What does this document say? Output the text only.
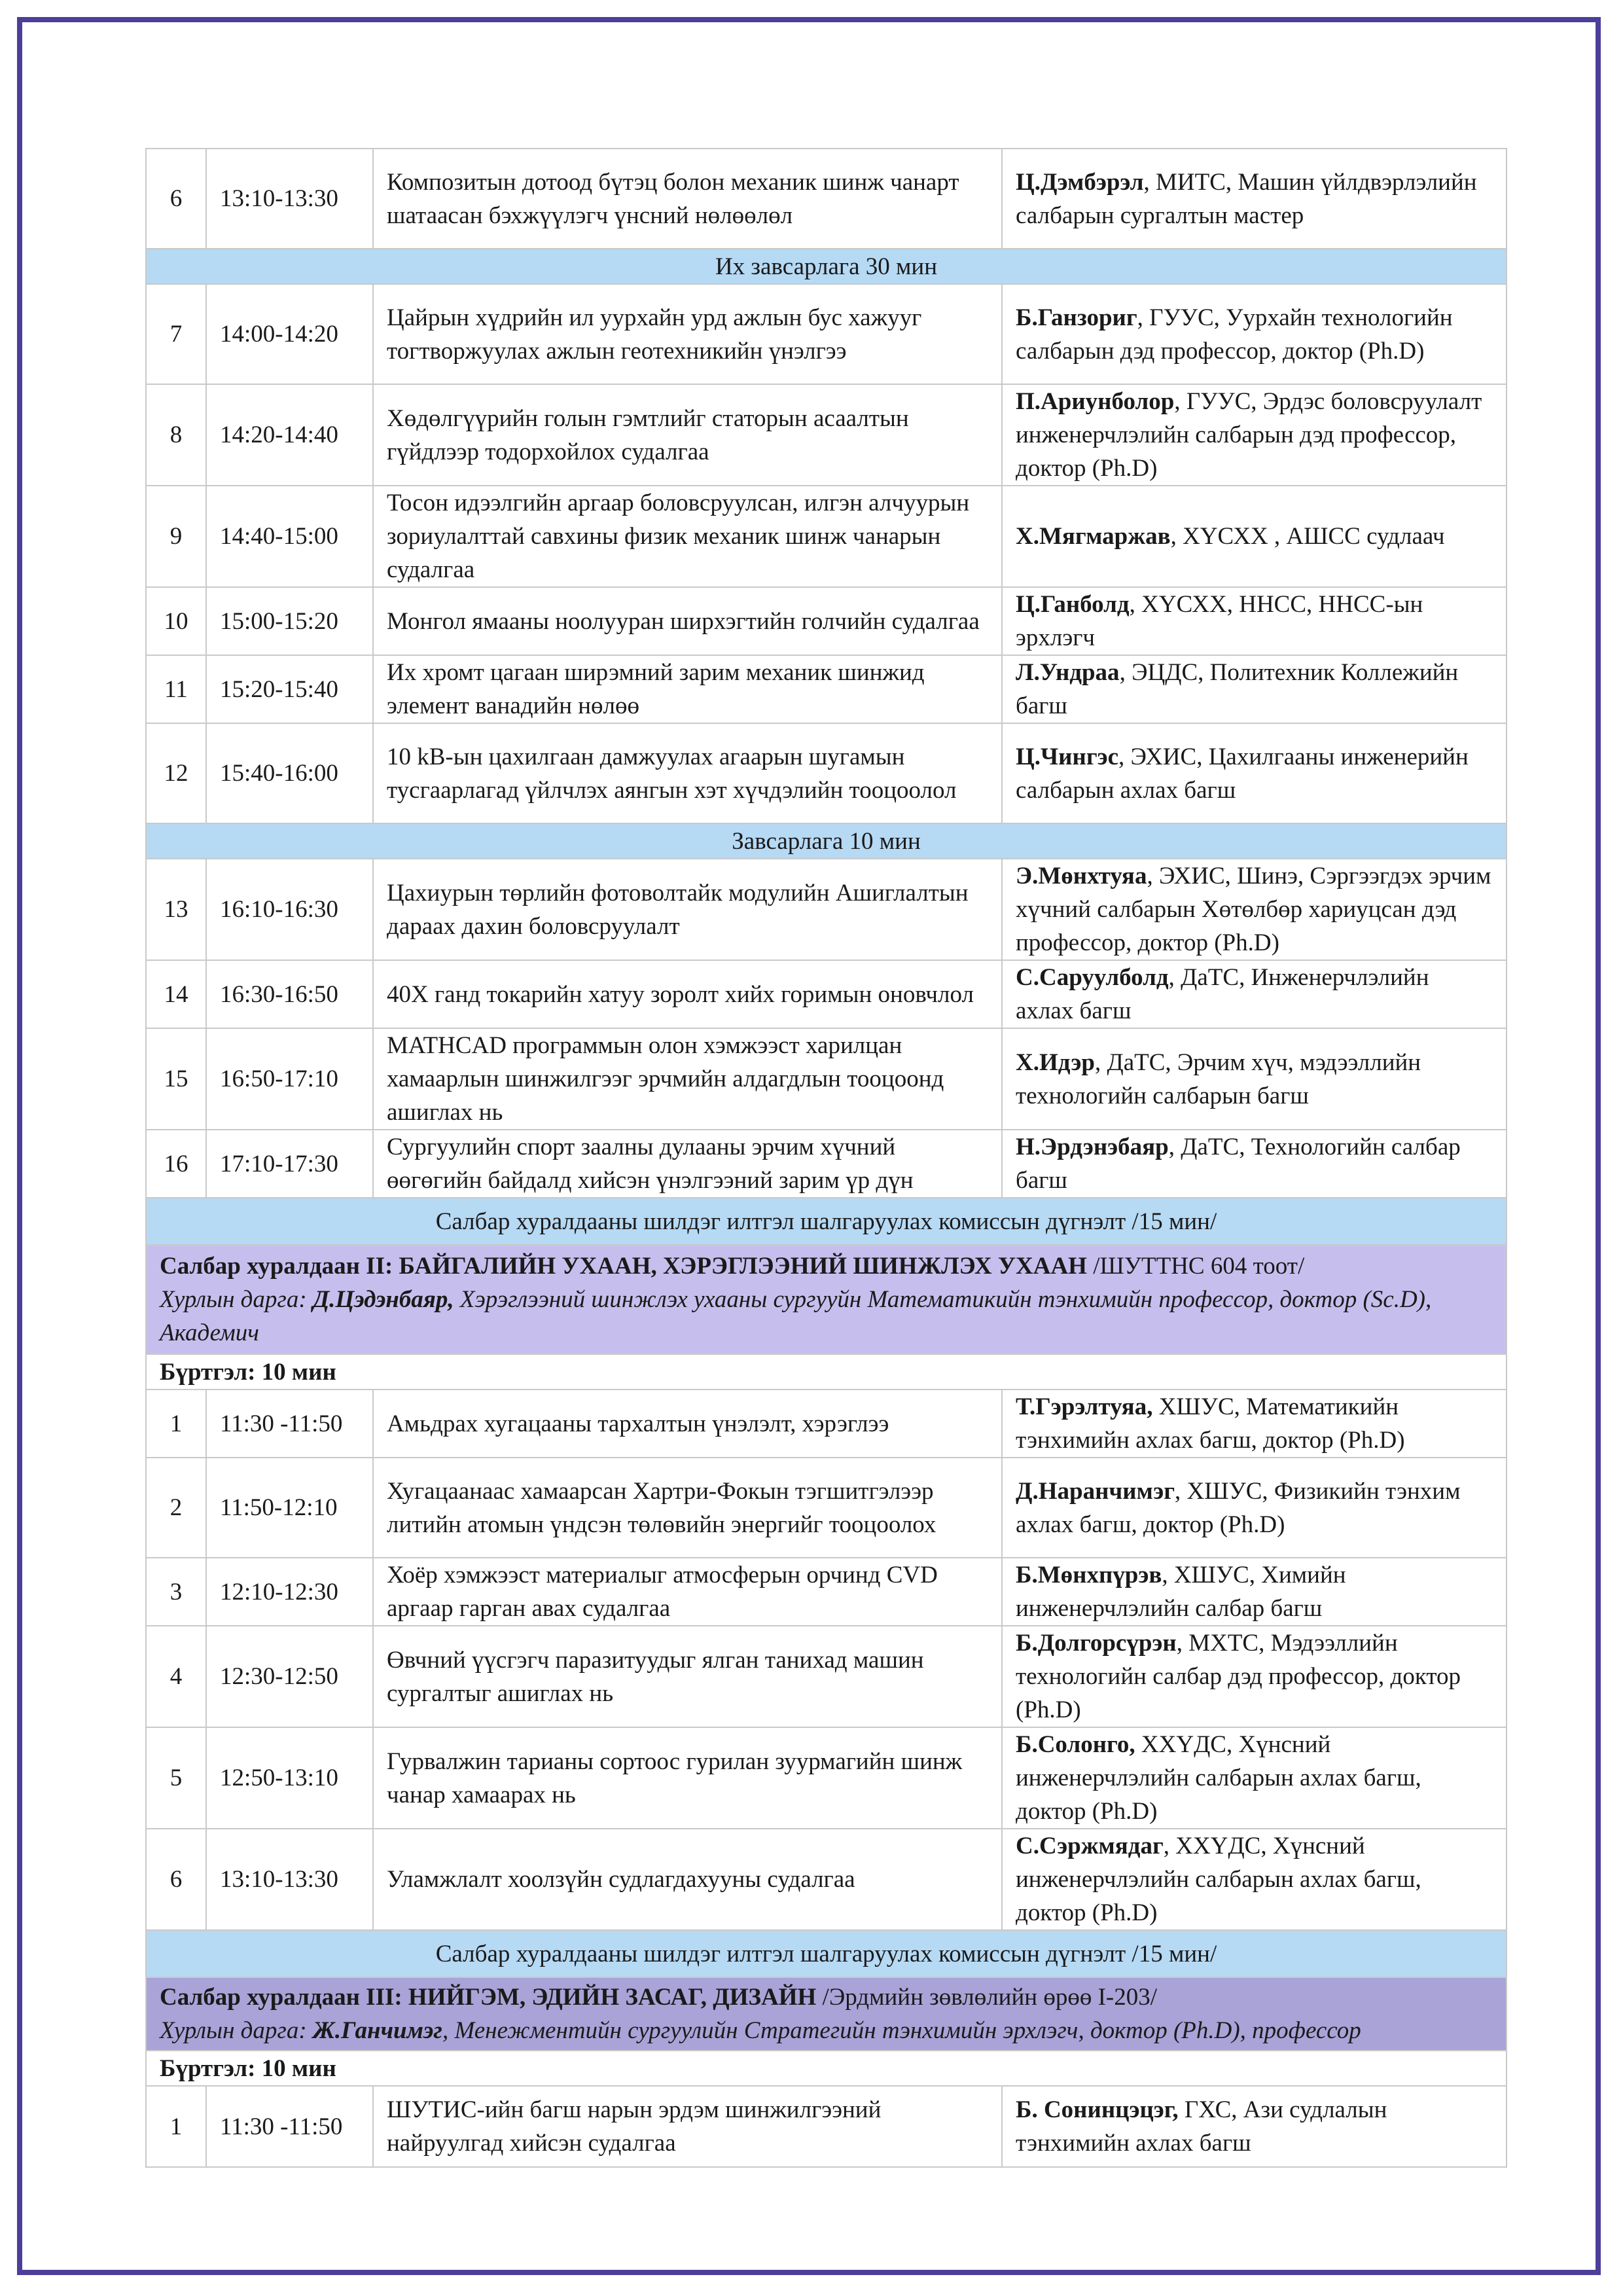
6	13:10-13:30	Композитын дотоод бүтэц болон механик шинж чанарт шатаасан бэхжүүлэгч үнсний нөлөөлөл	Ц.Дэмбэрэл, МИТС, Машин үйлдвэрлэлийн салбарын сургалтын мастер
Их завсарлага 30 мин			
7	14:00-14:20	Цайрын хүдрийн ил уурхайн урд ажлын бус хажууг тогтворжуулах ажлын геотехникийн үнэлгээ	Б.Ганзориг, ГУУС, Уурхайн технологийн салбарын дэд профессор, доктор (Ph.D)
8	14:20-14:40	Хөдөлгүүрийн голын гэмтлийг статорын асаалтын гүйдлээр тодорхойлох судалгаа	П.Ариунболор, ГУУС, Эрдэс боловсруулалт инженерчлэлийн салбарын дэд профессор, доктор (Ph.D)
9	14:40-15:00	Тосон идээлгийн аргаар боловсруулсан, илгэн алчуурын зориулалттай савхины физик механик шинж чанарын судалгаа	Х.Мягмаржав, ХҮСХХ , АШСС судлаач
10	15:00-15:20	Монгол ямааны ноолууран ширхэгтийн голчийн судалгаа	Ц.Ганболд, ХҮСХХ, ННСС, ННСС-ын эрхлэгч
11	15:20-15:40	Их хромт цагаан ширэмний зарим механик шинжид элемент ванадийн нөлөө	Л.Ундраа, ЭЦДС, Политехник Коллежийн багш
12	15:40-16:00	10 kВ-ын цахилгаан дамжуулах агаарын шугамын тусгаарлагад үйлчлэх аянгын хэт хүчдэлийн тооцоолол	Ц.Чингэс, ЭХИС, Цахилгааны инженерийн салбарын ахлах багш
Завсарлага 10 мин			
13	16:10-16:30	Цахиурын төрлийн фотоволтайк модулийн Ашиглалтын дараах дахин боловсруулалт	Э.Мөнхтуяа, ЭХИС, Шинэ, Сэргээгдэх эрчим хүчний салбарын Хөтөлбөр хариуцсан дэд профессор, доктор (Ph.D)
14	16:30-16:50	40Х ганд токарийн хатуу зоролт хийх горимын оновчлол	С.Саруулболд, ДаТС, Инженерчлэлийн ахлах багш
15	16:50-17:10	MATHCAD программын олон хэмжээст харилцан хамаарлын шинжилгээг эрчмийн алдагдлын тооцоонд ашиглах нь	Х.Идэр, ДаТС, Эрчим хүч, мэдээллийн технологийн салбарын багш
16	17:10-17:30	Сургуулийн спорт заалны дулааны эрчим хүчний өөгөгийн байдалд хийсэн үнэлгээний зарим үр дүн	Н.Эрдэнэбаяр, ДаТС, Технологийн салбар багш
Салбар хуралдааны шилдэг илтгэл шалгаруулах комиссын дүгнэлт /15 мин/			

Салбар хуралдаан II: БАЙГАЛИЙН УХААН, ХЭРЭГЛЭЭНИЙ ШИНЖЛЭХ УХААН /ШУТТНС 604 тоот/
Хурлын дарга: Д.Цэдэнбаяр, Хэрэглээний шинжлэх ухааны сургууйн Математикийн тэнхимийн профессор, доктор (Sc.D), Академич			

Бүртгэл: 10 мин			
1	11:30 -11:50	Амьдрах хугацааны тархалтын үнэлэлт, хэрэглээ	Т.Гэрэлтуяа, ХШУС, Математикийн тэнхимийн ахлах багш, доктор (Ph.D)
2	11:50-12:10	Хугацаанаас хамаарсан Хартри-Фокын тэгшитгэлээр литийн атомын үндсэн төлөвийн энергийг тооцоолох	Д.Наранчимэг, ХШУС, Физикийн тэнхим ахлах багш, доктор (Ph.D)
3	12:10-12:30	Хоёр хэмжээст материалыг атмосферын орчинд CVD аргаар гарган авах судалгаа	Б.Мөнхпүрэв, ХШУС, Химийн инженерчлэлийн салбар багш
4	12:30-12:50	Өвчний үүсгэгч паразитуудыг ялган танихад машин сургалтыг ашиглах нь	Б.Долгорсүрэн, МХТС, Мэдээллийн технологийн салбар дэд профессор, доктор (Ph.D)
5	12:50-13:10	Гурвалжин тарианы сортоос гурилан зуурмагийн шинж чанар хамаарах нь	Б.Солонго, ХХҮДС, Хүнсний инженерчлэлийн салбарын ахлах багш, доктор (Ph.D)
6	13:10-13:30	Уламжлалт хоолзүйн судлагдахууны судалгаа	С.Сэржмядаг, ХХҮДС, Хүнсний инженерчлэлийн салбарын ахлах багш, доктор (Ph.D)
Салбар хуралдааны шилдэг илтгэл шалгаруулах комиссын дүгнэлт /15 мин/			

Салбар хуралдаан III: НИЙГЭМ, ЭДИЙН ЗАСАГ, ДИЗАЙН /Эрдмийн зөвлөлийн өрөө I-203/
Хурлын дарга: Ж.Ганчимэг, Менежментийн сургуулийн Стратегийн тэнхимийн эрхлэгч, доктор (Ph.D), профессор			

Бүртгэл: 10 мин			
1	11:30 -11:50	ШУТИС-ийн багш нарын эрдэм шинжилгээний найруулгад хийсэн судалгаа	Б. Сонинцэцэг, ГХС, Ази судлалын тэнхимийн ахлах багш
